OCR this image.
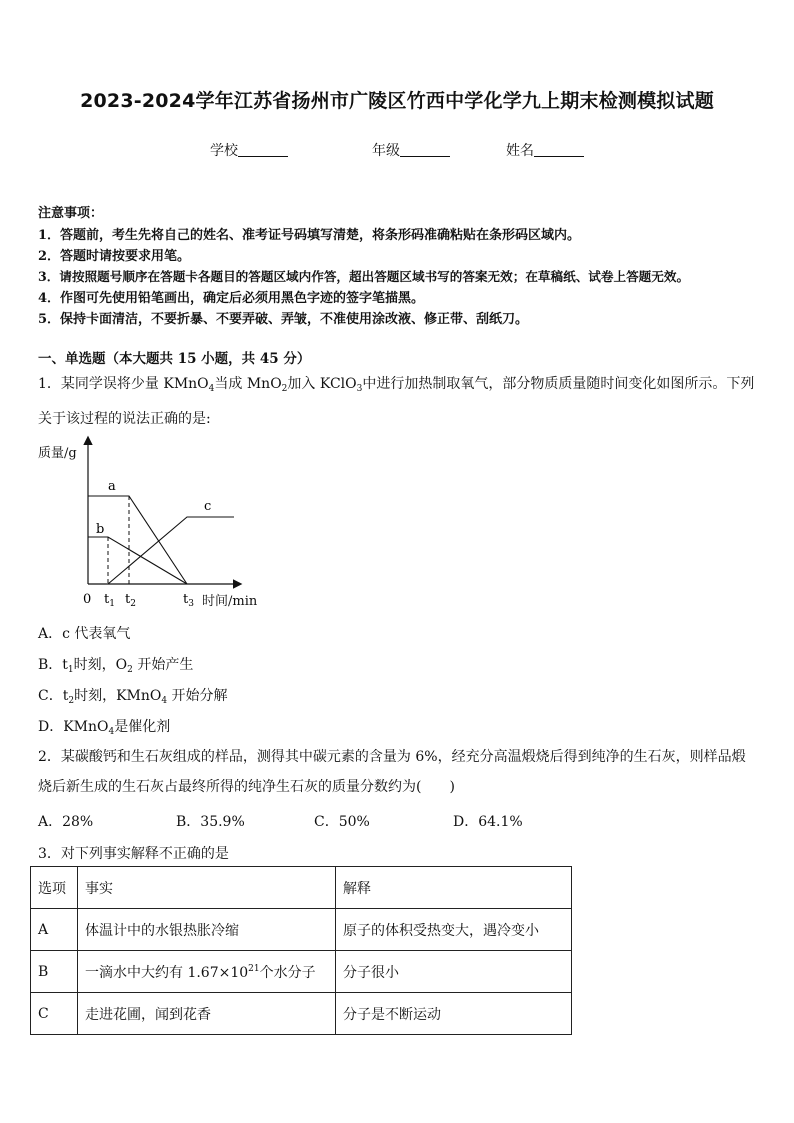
2023-2024学年江苏省扬州市广陵区竹西中学化学九上期末检测模拟试题
学校	年级	姓名
注意事项：
1．答题前，考生先将自己的姓名、准考证号码填写清楚，将条形码准确粘贴在条形码区域内。
2．答题时请按要求用笔。
3．请按照题号顺序在答题卡各题目的答题区域内作答，超出答题区域书写的答案无效；在草稿纸、试卷上答题无效。
4．作图可先使用铅笔画出，确定后必须用黑色字迹的签字笔描黑。
5．保持卡面清洁，不要折暴、不要弄破、弄皱，不准使用涂改液、修正带、刮纸刀。
一、单选题（本大题共 15 小题，共 45 分）
1．某同学误将少量 KMnO$_4$当成 MnO$_2$加入 KClO$_3$中进行加热制取氧气，部分物质质量随时间变化如图所示。下列关于该过程的说法正确的是:
质量/g
时间/min
a
b
c
0 $t_1$ $t_2$	$t_3$
A．c 代表氧气
B．$t_1$时刻，$O_2$ 开始产生
C．$t_2$时刻，KMnO$_4$ 开始分解
D．KMnO$_4$是催化剂
2．某碳酸钙和生石灰组成的样品，测得其中碳元素的含量为 6%，经充分高温煅烧后得到纯净的生石灰，则样品煅烧后新生成的生石灰占最终所得的纯净生石灰的质量分数约为(　　)
A．28%	B．35.9%	C．50%	D．64.1%
3．对下列事实解释不正确的是
选项	事实	解释
A	体温计中的水银热胀冷缩	原子的体积受热变大，遇冷变小
B	一滴水中大约有 $1.67\times 10^{21}$个水分子	分子很小
C	走进花圃，闻到花香	分子是不断运动
